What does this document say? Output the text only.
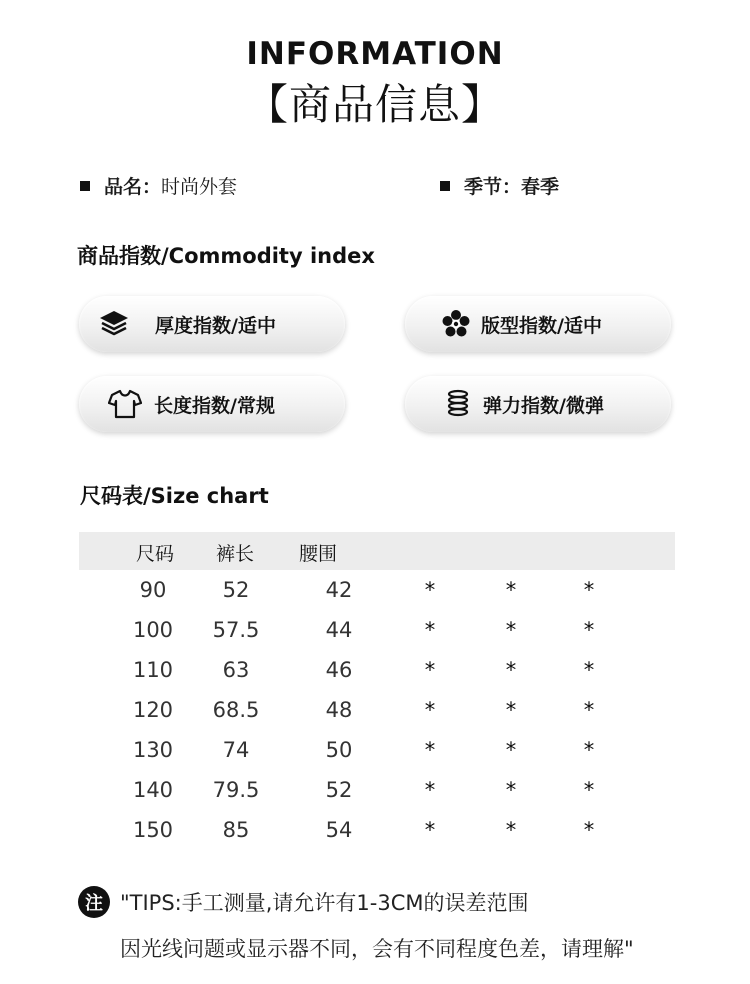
INFORMATION
【商品信息】
品名： 时尚外套	季节： 春季
商品指数/Commodity index
厚度指数/适中	版型指数/适中
长度指数/常规	弹力指数/微弹
尺码表/Size chart
尺码 裤长 腰围
90	52	42	*	*	*
100	57.5	44	*	*	*
110	63	46	*	*	*
120	68.5	48	*	*	*
130	74	50	*	*	*
140	79.5	52	*	*	*
150	85	54	*	*	*
注 "TIPS:手工测量,请允许有1-3CM的误差范围
因光线问题或显示器不同，会有不同程度色差，请理解"
